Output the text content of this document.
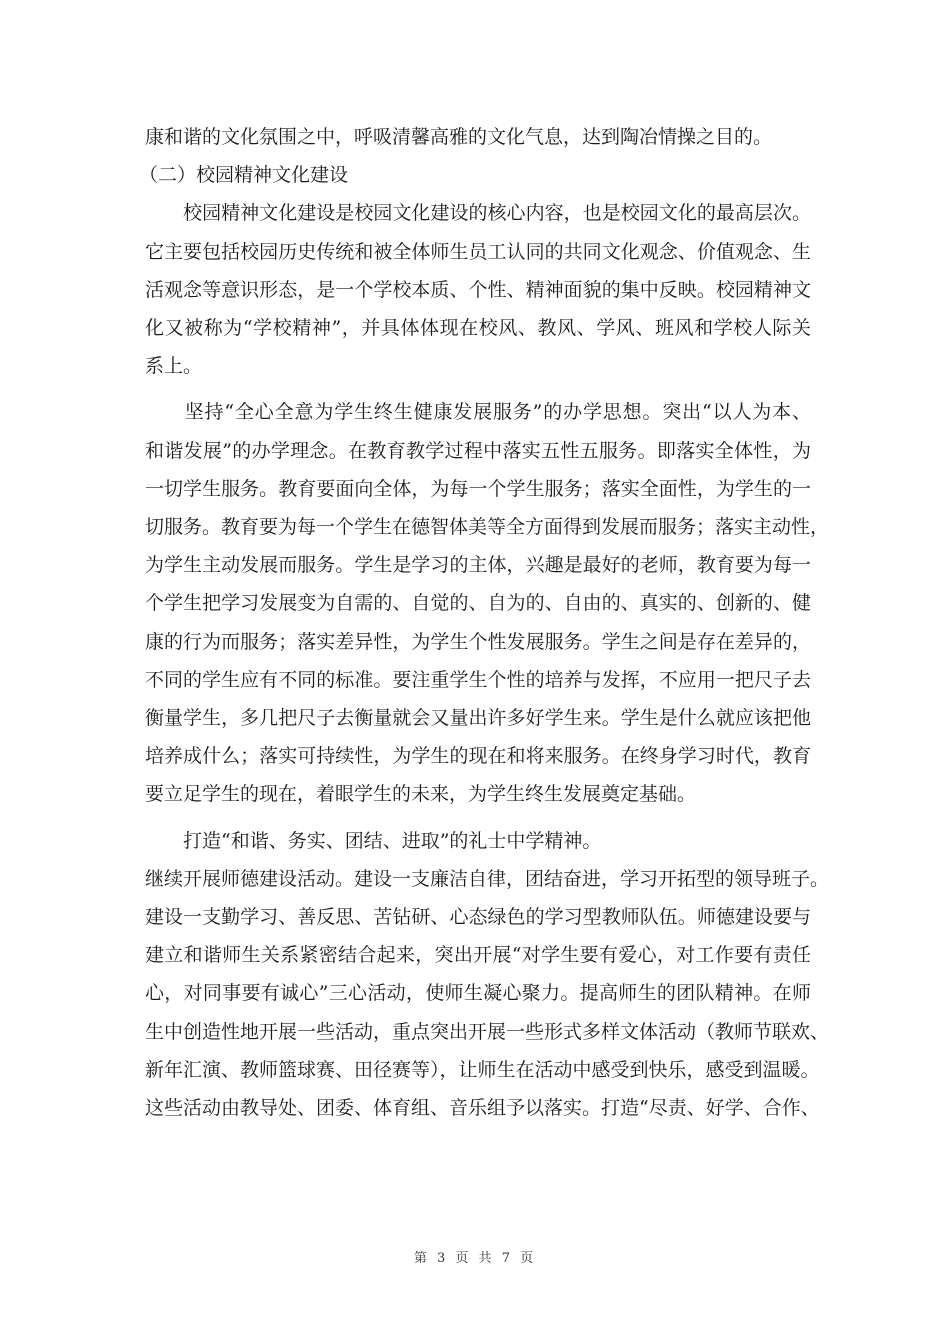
康和谐的文化氛围之中，呼吸清馨高雅的文化气息，达到陶冶情操之目的。
（二）校园精神文化建设
　　校园精神文化建设是校园文化建设的核心内容，也是校园文化的最高层次。
它主要包括校园历史传统和被全体师生员工认同的共同文化观念、价值观念、生
活观念等意识形态，是一个学校本质、个性、精神面貌的集中反映。校园精神文
化又被称为“学校精神”，并具体体现在校风、教风、学风、班风和学校人际关
系上。
　　坚持“全心全意为学生终生健康发展服务”的办学思想。突出“以人为本、
和谐发展”的办学理念。在教育教学过程中落实五性五服务。即落实全体性，为
一切学生服务。教育要面向全体，为每一个学生服务；落实全面性，为学生的一
切服务。教育要为每一个学生在德智体美等全方面得到发展而服务；落实主动性，
为学生主动发展而服务。学生是学习的主体，兴趣是最好的老师，教育要为每一
个学生把学习发展变为自需的、自觉的、自为的、自由的、真实的、创新的、健
康的行为而服务；落实差异性，为学生个性发展服务。学生之间是存在差异的，
不同的学生应有不同的标准。要注重学生个性的培养与发挥，不应用一把尺子去
衡量学生，多几把尺子去衡量就会又量出许多好学生来。学生是什么就应该把他
培养成什么；落实可持续性，为学生的现在和将来服务。在终身学习时代，教育
要立足学生的现在，着眼学生的未来，为学生终生发展奠定基础。
　　打造“和谐、务实、团结、进取”的礼士中学精神。
继续开展师德建设活动。建设一支廉洁自律，团结奋进，学习开拓型的领导班子。
建设一支勤学习、善反思、苦钻研、心态绿色的学习型教师队伍。师德建设要与
建立和谐师生关系紧密结合起来，突出开展“对学生要有爱心，对工作要有责任
心，对同事要有诚心”三心活动，使师生凝心聚力。提高师生的团队精神。在师
生中创造性地开展一些活动，重点突出开展一些形式多样文体活动（教师节联欢、
新年汇演、教师篮球赛、田径赛等），让师生在活动中感受到快乐，感受到温暖。
这些活动由教导处、团委、体育组、音乐组予以落实。打造“尽责、好学、合作、
第 3 页 共 7 页
